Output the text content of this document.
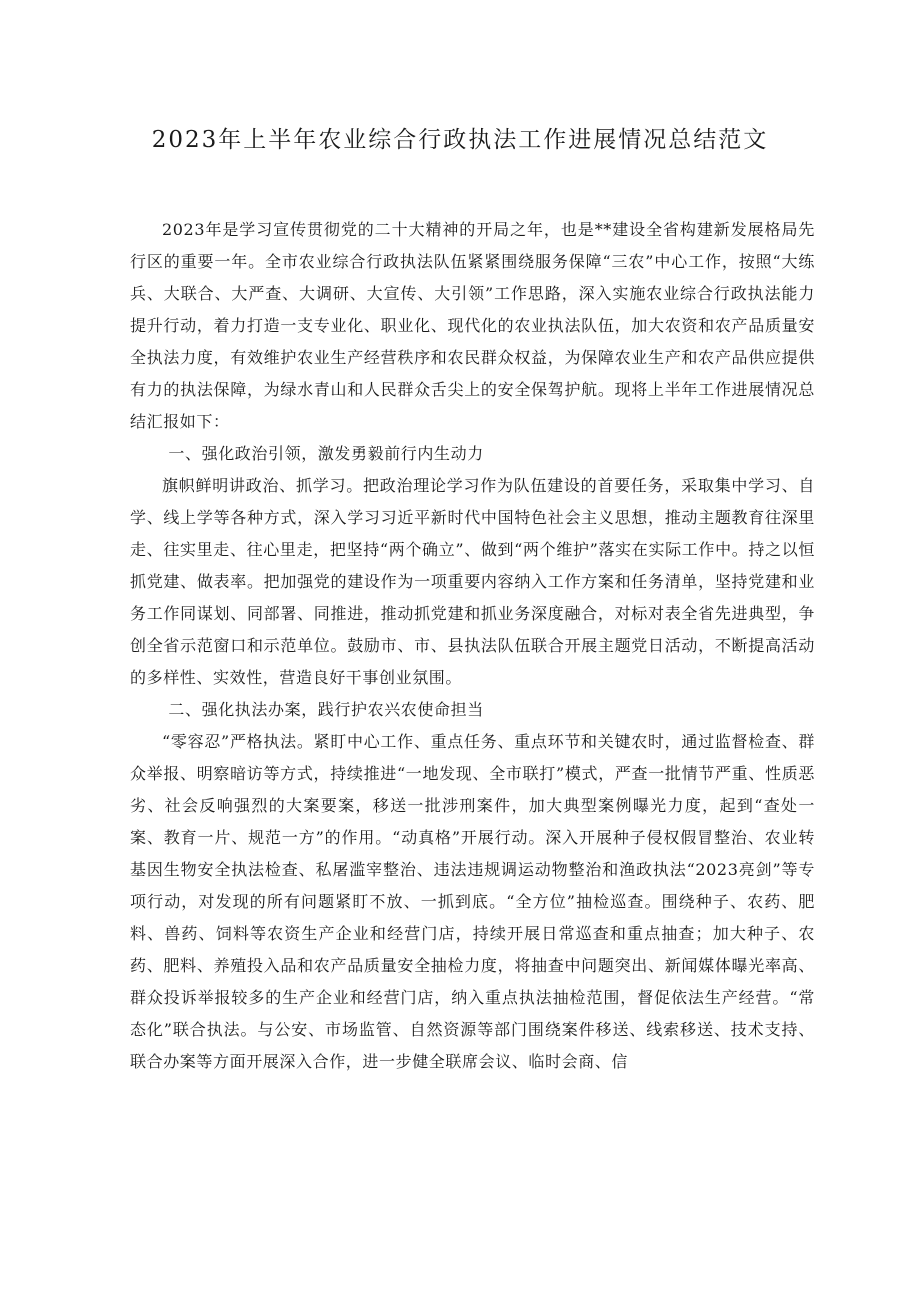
2023年上半年农业综合行政执法工作进展情况总结范文

2023年是学习宣传贯彻党的二十大精神的开局之年，也是**建设全省构建新发展格局先行区的重要一年。全市农业综合行政执法队伍紧紧围绕服务保障“三农”中心工作，按照“大练兵、大联合、大严查、大调研、大宣传、大引领”工作思路，深入实施农业综合行政执法能力提升行动，着力打造一支专业化、职业化、现代化的农业执法队伍，加大农资和农产品质量安全执法力度，有效维护农业生产经营秩序和农民群众权益，为保障农业生产和农产品供应提供有力的执法保障，为绿水青山和人民群众舌尖上的安全保驾护航。现将上半年工作进展情况总结汇报如下：

一、强化政治引领，激发勇毅前行内生动力

旗帜鲜明讲政治、抓学习。把政治理论学习作为队伍建设的首要任务，采取集中学习、自学、线上学等各种方式，深入学习习近平新时代中国特色社会主义思想，推动主题教育往深里走、往实里走、往心里走，把坚持“两个确立”、做到“两个维护”落实在实际工作中。持之以恒抓党建、做表率。把加强党的建设作为一项重要内容纳入工作方案和任务清单，坚持党建和业务工作同谋划、同部署、同推进，推动抓党建和抓业务深度融合，对标对表全省先进典型，争创全省示范窗口和示范单位。鼓励市、市、县执法队伍联合开展主题党日活动，不断提高活动的多样性、实效性，营造良好干事创业氛围。

二、强化执法办案，践行护农兴农使命担当

“零容忍”严格执法。紧盯中心工作、重点任务、重点环节和关键农时，通过监督检查、群众举报、明察暗访等方式，持续推进“一地发现、全市联打”模式，严查一批情节严重、性质恶劣、社会反响强烈的大案要案，移送一批涉刑案件，加大典型案例曝光力度，起到“查处一案、教育一片、规范一方”的作用。“动真格”开展行动。深入开展种子侵权假冒整治、农业转基因生物安全执法检查、私屠滥宰整治、违法违规调运动物整治和渔政执法“2023亮剑”等专项行动，对发现的所有问题紧盯不放、一抓到底。“全方位”抽检巡查。围绕种子、农药、肥料、兽药、饲料等农资生产企业和经营门店，持续开展日常巡查和重点抽查；加大种子、农药、肥料、养殖投入品和农产品质量安全抽检力度，将抽查中问题突出、新闻媒体曝光率高、群众投诉举报较多的生产企业和经营门店，纳入重点执法抽检范围，督促依法生产经营。“常态化”联合执法。与公安、市场监管、自然资源等部门围绕案件移送、线索移送、技术支持、联合办案等方面开展深入合作，进一步健全联席会议、临时会商、信
